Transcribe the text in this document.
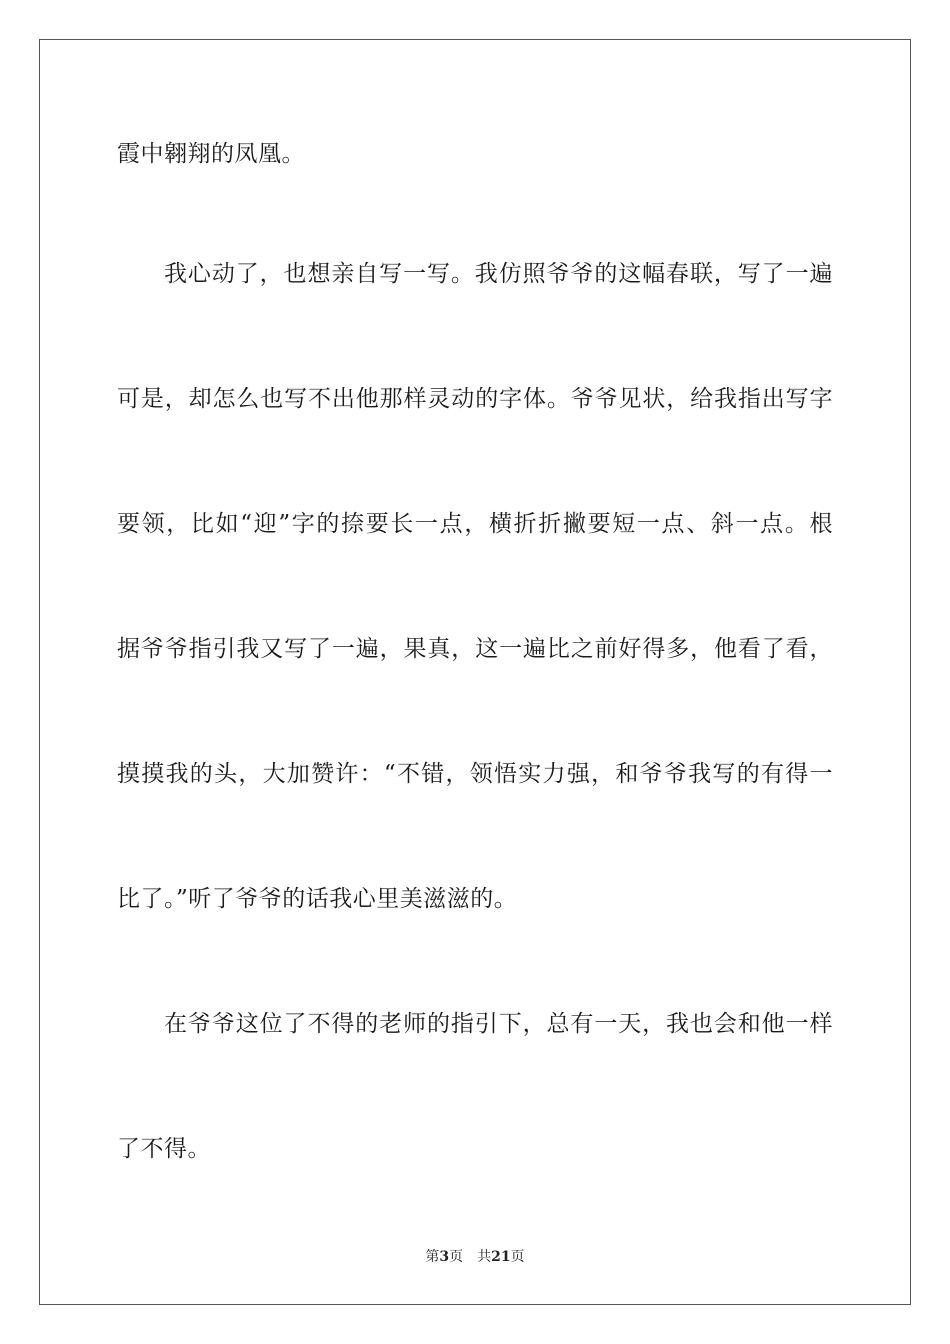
霞中翱翔的凤凰。
我心动了，也想亲自写一写。我仿照爷爷的这幅春联，写了一遍
可是，却怎么也写不出他那样灵动的字体。爷爷见状，给我指出写字
要领，比如“迎”字的捺要长一点，横折折撇要短一点、斜一点。根
据爷爷指引我又写了一遍，果真，这一遍比之前好得多，他看了看，
摸摸我的头，大加赞许：“不错，领悟实力强，和爷爷我写的有得一
比了。”听了爷爷的话我心里美滋滋的。
在爷爷这位了不得的老师的指引下，总有一天，我也会和他一样
了不得。
第3页 共21页
